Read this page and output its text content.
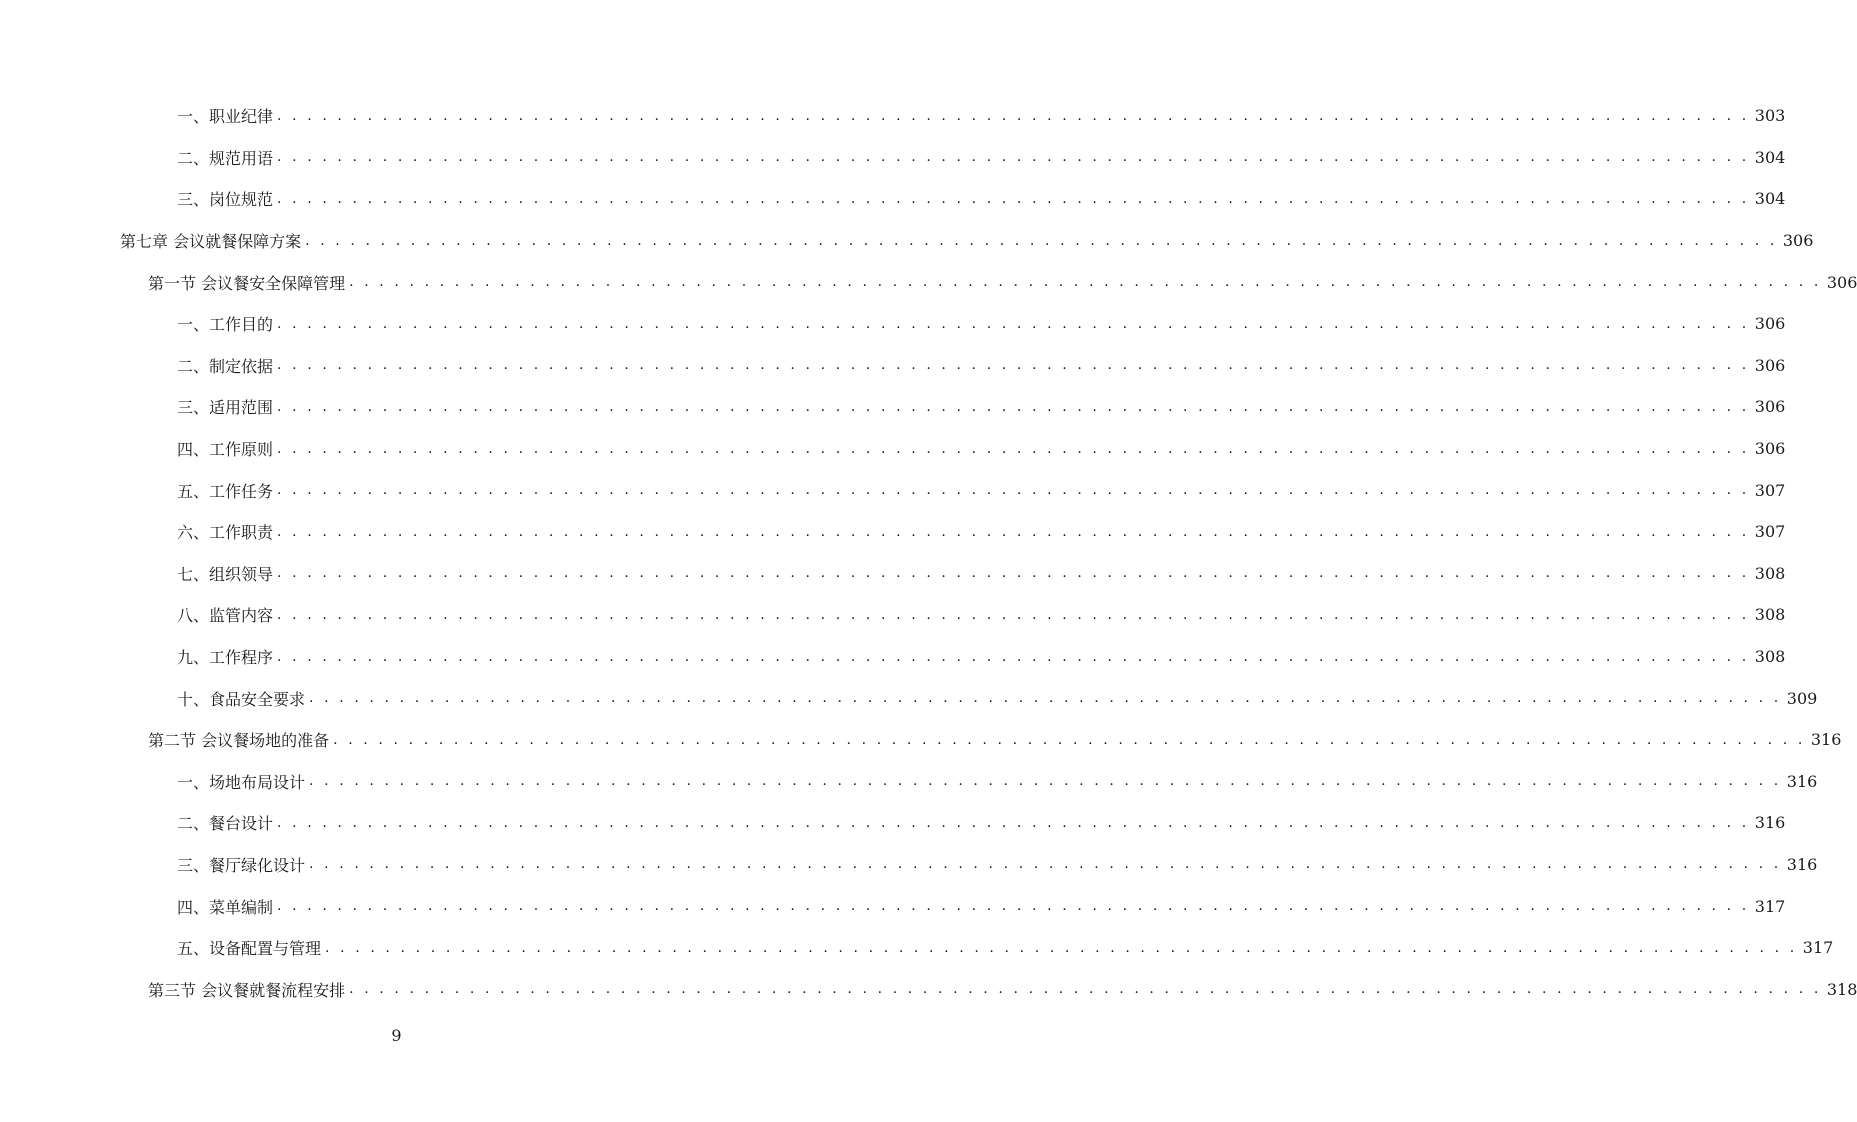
一、职业纪律 . . . . . . . . . . . . . . . . . . . . . . . . . . . . . . . . . . . . . . . . . . . . . . . . . . . . . . . . . . . . . . . . . . . . . . . . . . . . . . . . . . . . . . . . . . . . . . . . . . 303
二、规范用语 . . . . . . . . . . . . . . . . . . . . . . . . . . . . . . . . . . . . . . . . . . . . . . . . . . . . . . . . . . . . . . . . . . . . . . . . . . . . . . . . . . . . . . . . . . . . . . . . . . 304
三、岗位规范 . . . . . . . . . . . . . . . . . . . . . . . . . . . . . . . . . . . . . . . . . . . . . . . . . . . . . . . . . . . . . . . . . . . . . . . . . . . . . . . . . . . . . . . . . . . . . . . . . . 304
第七章 会议就餐保障方案 . . . . . . . . . . . . . . . . . . . . . . . . . . . . . . . . . . . . . . . . . . . . . . . . . . . . . . . . . . . . . . . . . . . . . . . . . . . . . . . . . . . . . . . . . . . . . . . . . . 306
第一节 会议餐安全保障管理 . . . . . . . . . . . . . . . . . . . . . . . . . . . . . . . . . . . . . . . . . . . . . . . . . . . . . . . . . . . . . . . . . . . . . . . . . . . . . . . . . . . . . . . . . . . . . . . . . . 306
一、工作目的 . . . . . . . . . . . . . . . . . . . . . . . . . . . . . . . . . . . . . . . . . . . . . . . . . . . . . . . . . . . . . . . . . . . . . . . . . . . . . . . . . . . . . . . . . . . . . . . . . . 306
二、制定依据 . . . . . . . . . . . . . . . . . . . . . . . . . . . . . . . . . . . . . . . . . . . . . . . . . . . . . . . . . . . . . . . . . . . . . . . . . . . . . . . . . . . . . . . . . . . . . . . . . . 306
三、适用范围 . . . . . . . . . . . . . . . . . . . . . . . . . . . . . . . . . . . . . . . . . . . . . . . . . . . . . . . . . . . . . . . . . . . . . . . . . . . . . . . . . . . . . . . . . . . . . . . . . . 306
四、工作原则 . . . . . . . . . . . . . . . . . . . . . . . . . . . . . . . . . . . . . . . . . . . . . . . . . . . . . . . . . . . . . . . . . . . . . . . . . . . . . . . . . . . . . . . . . . . . . . . . . . 306
五、工作任务 . . . . . . . . . . . . . . . . . . . . . . . . . . . . . . . . . . . . . . . . . . . . . . . . . . . . . . . . . . . . . . . . . . . . . . . . . . . . . . . . . . . . . . . . . . . . . . . . . . 307
六、工作职责 . . . . . . . . . . . . . . . . . . . . . . . . . . . . . . . . . . . . . . . . . . . . . . . . . . . . . . . . . . . . . . . . . . . . . . . . . . . . . . . . . . . . . . . . . . . . . . . . . . 307
七、组织领导 . . . . . . . . . . . . . . . . . . . . . . . . . . . . . . . . . . . . . . . . . . . . . . . . . . . . . . . . . . . . . . . . . . . . . . . . . . . . . . . . . . . . . . . . . . . . . . . . . . 308
八、监管内容 . . . . . . . . . . . . . . . . . . . . . . . . . . . . . . . . . . . . . . . . . . . . . . . . . . . . . . . . . . . . . . . . . . . . . . . . . . . . . . . . . . . . . . . . . . . . . . . . . . 308
九、工作程序 . . . . . . . . . . . . . . . . . . . . . . . . . . . . . . . . . . . . . . . . . . . . . . . . . . . . . . . . . . . . . . . . . . . . . . . . . . . . . . . . . . . . . . . . . . . . . . . . . . 308
十、食品安全要求 . . . . . . . . . . . . . . . . . . . . . . . . . . . . . . . . . . . . . . . . . . . . . . . . . . . . . . . . . . . . . . . . . . . . . . . . . . . . . . . . . . . . . . . . . . . . . . . . . . 309
第二节 会议餐场地的准备 . . . . . . . . . . . . . . . . . . . . . . . . . . . . . . . . . . . . . . . . . . . . . . . . . . . . . . . . . . . . . . . . . . . . . . . . . . . . . . . . . . . . . . . . . . . . . . . . . . 316
一、场地布局设计 . . . . . . . . . . . . . . . . . . . . . . . . . . . . . . . . . . . . . . . . . . . . . . . . . . . . . . . . . . . . . . . . . . . . . . . . . . . . . . . . . . . . . . . . . . . . . . . . . . 316
二、餐台设计 . . . . . . . . . . . . . . . . . . . . . . . . . . . . . . . . . . . . . . . . . . . . . . . . . . . . . . . . . . . . . . . . . . . . . . . . . . . . . . . . . . . . . . . . . . . . . . . . . . 316
三、餐厅绿化设计 . . . . . . . . . . . . . . . . . . . . . . . . . . . . . . . . . . . . . . . . . . . . . . . . . . . . . . . . . . . . . . . . . . . . . . . . . . . . . . . . . . . . . . . . . . . . . . . . . . 316
四、菜单编制 . . . . . . . . . . . . . . . . . . . . . . . . . . . . . . . . . . . . . . . . . . . . . . . . . . . . . . . . . . . . . . . . . . . . . . . . . . . . . . . . . . . . . . . . . . . . . . . . . . 317
五、设备配置与管理 . . . . . . . . . . . . . . . . . . . . . . . . . . . . . . . . . . . . . . . . . . . . . . . . . . . . . . . . . . . . . . . . . . . . . . . . . . . . . . . . . . . . . . . . . . . . . . . . . . 317
第三节 会议餐就餐流程安排 . . . . . . . . . . . . . . . . . . . . . . . . . . . . . . . . . . . . . . . . . . . . . . . . . . . . . . . . . . . . . . . . . . . . . . . . . . . . . . . . . . . . . . . . . . . . . . . . . . 318
9
